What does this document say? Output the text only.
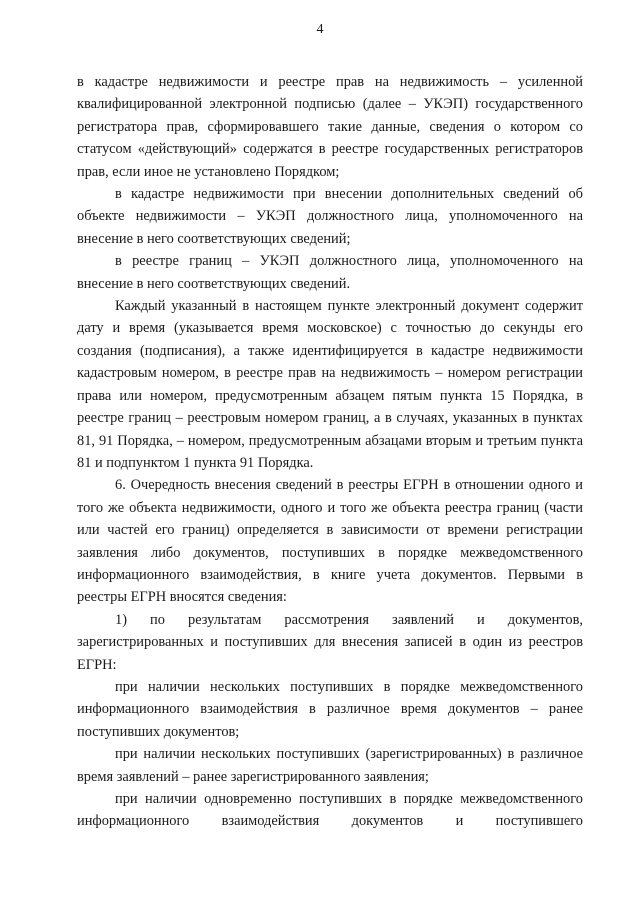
4

в кадастре недвижимости и реестре прав на недвижимость – усиленной квалифицированной электронной подписью (далее – УКЭП) государственного регистратора прав, сформировавшего такие данные, сведения о котором со статусом «действующий» содержатся в реестре государственных регистраторов прав, если иное не установлено Порядком;

в кадастре недвижимости при внесении дополнительных сведений об объекте недвижимости – УКЭП должностного лица, уполномоченного на внесение в него соответствующих сведений;

в реестре границ – УКЭП должностного лица, уполномоченного на внесение в него соответствующих сведений.

Каждый указанный в настоящем пункте электронный документ содержит дату и время (указывается время московское) с точностью до секунды его создания (подписания), а также идентифицируется в кадастре недвижимости кадастровым номером, в реестре прав на недвижимость – номером регистрации права или номером, предусмотренным абзацем пятым пункта 15 Порядка, в реестре границ – реестровым номером границ, а в случаях, указанных в пунктах 81, 91 Порядка, – номером, предусмотренным абзацами вторым и третьим пункта 81 и подпунктом 1 пункта 91 Порядка.

6. Очередность внесения сведений в реестры ЕГРН в отношении одного и того же объекта недвижимости, одного и того же объекта реестра границ (части или частей его границ) определяется в зависимости от времени регистрации заявления либо документов, поступивших в порядке межведомственного информационного взаимодействия, в книге учета документов. Первыми в реестры ЕГРН вносятся сведения:

1) по результатам рассмотрения заявлений и документов, зарегистрированных и поступивших для внесения записей в один из реестров ЕГРН:

при наличии нескольких поступивших в порядке межведомственного информационного взаимодействия в различное время документов – ранее поступивших документов;

при наличии нескольких поступивших (зарегистрированных) в различное время заявлений – ранее зарегистрированного заявления;

при наличии одновременно поступивших в порядке межведомственного информационного взаимодействия документов и поступившего
